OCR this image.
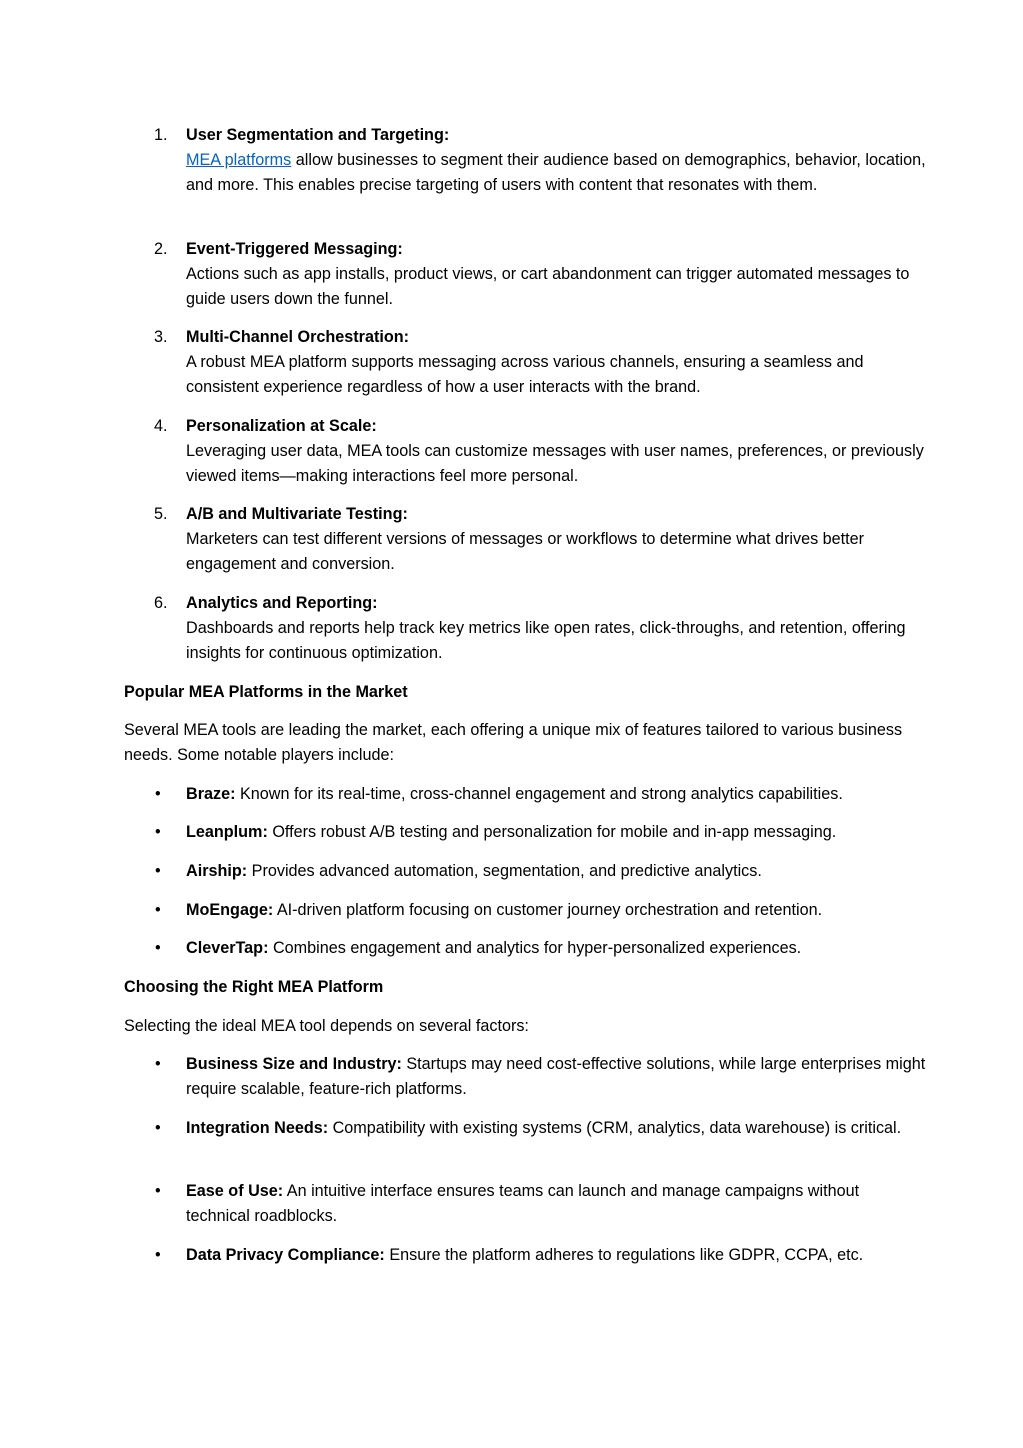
1. User Segmentation and Targeting:
MEA platforms allow businesses to segment their audience based on demographics, behavior, location, and more. This enables precise targeting of users with content that resonates with them.
2. Event-Triggered Messaging:
Actions such as app installs, product views, or cart abandonment can trigger automated messages to guide users down the funnel.
3. Multi-Channel Orchestration:
A robust MEA platform supports messaging across various channels, ensuring a seamless and consistent experience regardless of how a user interacts with the brand.
4. Personalization at Scale:
Leveraging user data, MEA tools can customize messages with user names, preferences, or previously viewed items—making interactions feel more personal.
5. A/B and Multivariate Testing:
Marketers can test different versions of messages or workflows to determine what drives better engagement and conversion.
6. Analytics and Reporting:
Dashboards and reports help track key metrics like open rates, click-throughs, and retention, offering insights for continuous optimization.
Popular MEA Platforms in the Market
Several MEA tools are leading the market, each offering a unique mix of features tailored to various business needs. Some notable players include:
• Braze: Known for its real-time, cross-channel engagement and strong analytics capabilities.
• Leanplum: Offers robust A/B testing and personalization for mobile and in-app messaging.
• Airship: Provides advanced automation, segmentation, and predictive analytics.
• MoEngage: AI-driven platform focusing on customer journey orchestration and retention.
• CleverTap: Combines engagement and analytics for hyper-personalized experiences.
Choosing the Right MEA Platform
Selecting the ideal MEA tool depends on several factors:
• Business Size and Industry: Startups may need cost-effective solutions, while large enterprises might require scalable, feature-rich platforms.
• Integration Needs: Compatibility with existing systems (CRM, analytics, data warehouse) is critical.
• Ease of Use: An intuitive interface ensures teams can launch and manage campaigns without technical roadblocks.
• Data Privacy Compliance: Ensure the platform adheres to regulations like GDPR, CCPA, etc.
